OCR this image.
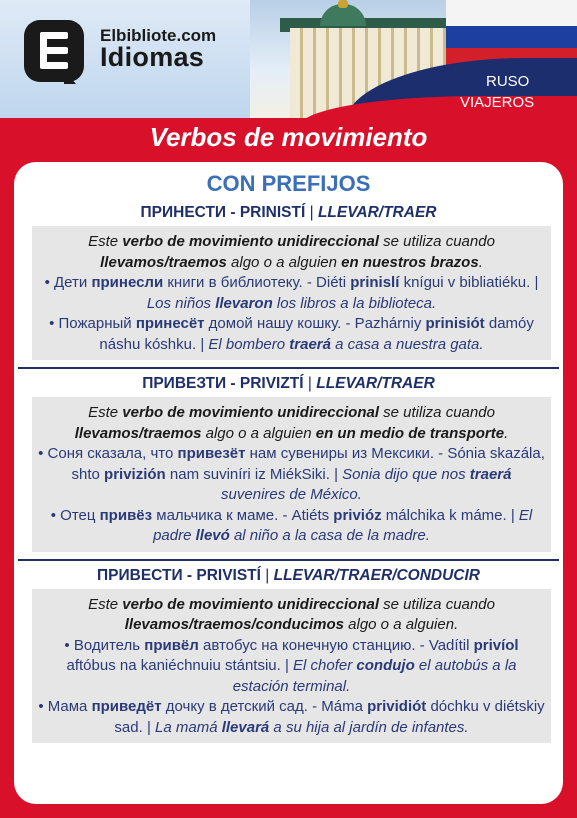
Elbibliote.com
Idiomas
RUSO
VIAJEROS
Verbos de movimiento
CON PREFIJOS
ПРИНЕСТИ - PRINISTÍ | LLEVAR/TRAER
Este verbo de movimiento unidireccional se utiliza cuando llevamos/traemos algo o a alguien en nuestros brazos.
• Дети принесли книги в библиотеку. - Diéti prinislí knígui v bibliatiéku. | Los niños llevaron los libros a la biblioteca.
• Пожарный принесёт домой нашу кошку. - Pazhárniy prinisiót damóy náshu kóshku. | El bombero traerá a casa a nuestra gata.
ПРИВЕЗТИ - PRIVIZTÍ | LLEVAR/TRAER
Este verbo de movimiento unidireccional se utiliza cuando llevamos/traemos algo o a alguien en un medio de transporte.
• Соня сказала, что привезёт нам сувениры из Мексики. - Sónia skazála, shto privizión nam suviníri iz MiékSiki. | Sonia dijo que nos traerá suvenires de México.
• Отец привёз мальчика к маме. - Atiéts privióz málchika k máme. | El padre llevó al niño a la casa de la madre.
ПРИВЕСТИ - PRIVISTÍ | LLEVAR/TRAER/CONDUCIR
Este verbo de movimiento unidireccional se utiliza cuando llevamos/traemos/conducimos algo o a alguien.
• Водитель привёл автобус на конечную станцию. - Vadítil privíol aftóbus na kaniéchnuiu stántsiu. | El chofer condujo el autobús a la estación terminal.
• Мама приведёт дочку в детский сад. - Máma prividiót dóchku v diétskiy sad. | La mamá llevará a su hija al jardín de infantes.
